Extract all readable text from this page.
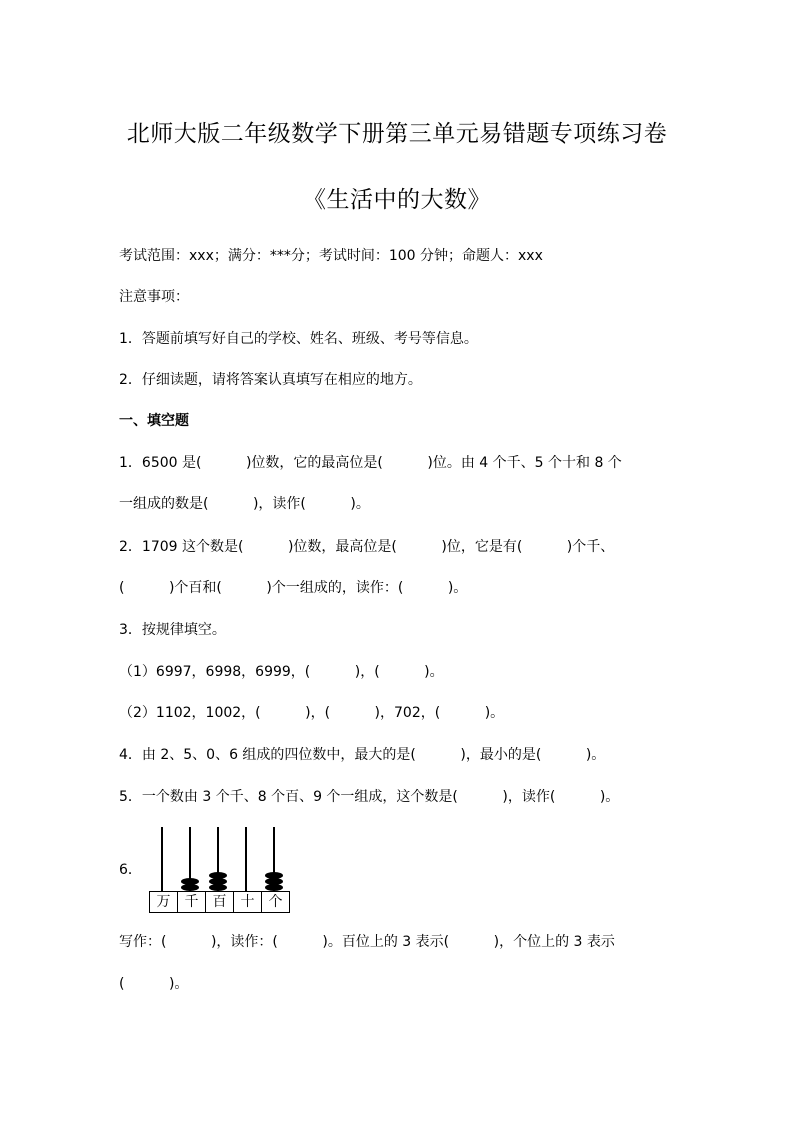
北师大版二年级数学下册第三单元易错题专项练习卷
《生活中的大数》
考试范围：xxx；满分：***分；考试时间：100 分钟；命题人：xxx
注意事项：
1．答题前填写好自己的学校、姓名、班级、考号等信息。
2．仔细读题，请将答案认真填写在相应的地方。
一、填空题
1．6500 是(          )位数，它的最高位是(          )位。由 4 个千、5 个十和 8 个
一组成的数是(          )，读作(          )。
2．1709 这个数是(          )位数，最高位是(          )位，它是有(          )个千、
(          )个百和(          )个一组成的，读作：(          )。
3．按规律填空。
（1）6997，6998，6999，(          )，(          )。
（2）1102，1002，(          )，(          )，702，(          )。
4．由 2、5、0、6 组成的四位数中，最大的是(          )，最小的是(          )。
5．一个数由 3 个千、8 个百、9 个一组成，这个数是(          )，读作(          )。
6．
万	千	百	十	个
写作：(          )，读作：(          )。百位上的 3 表示(          )，个位上的 3 表示
(          )。
